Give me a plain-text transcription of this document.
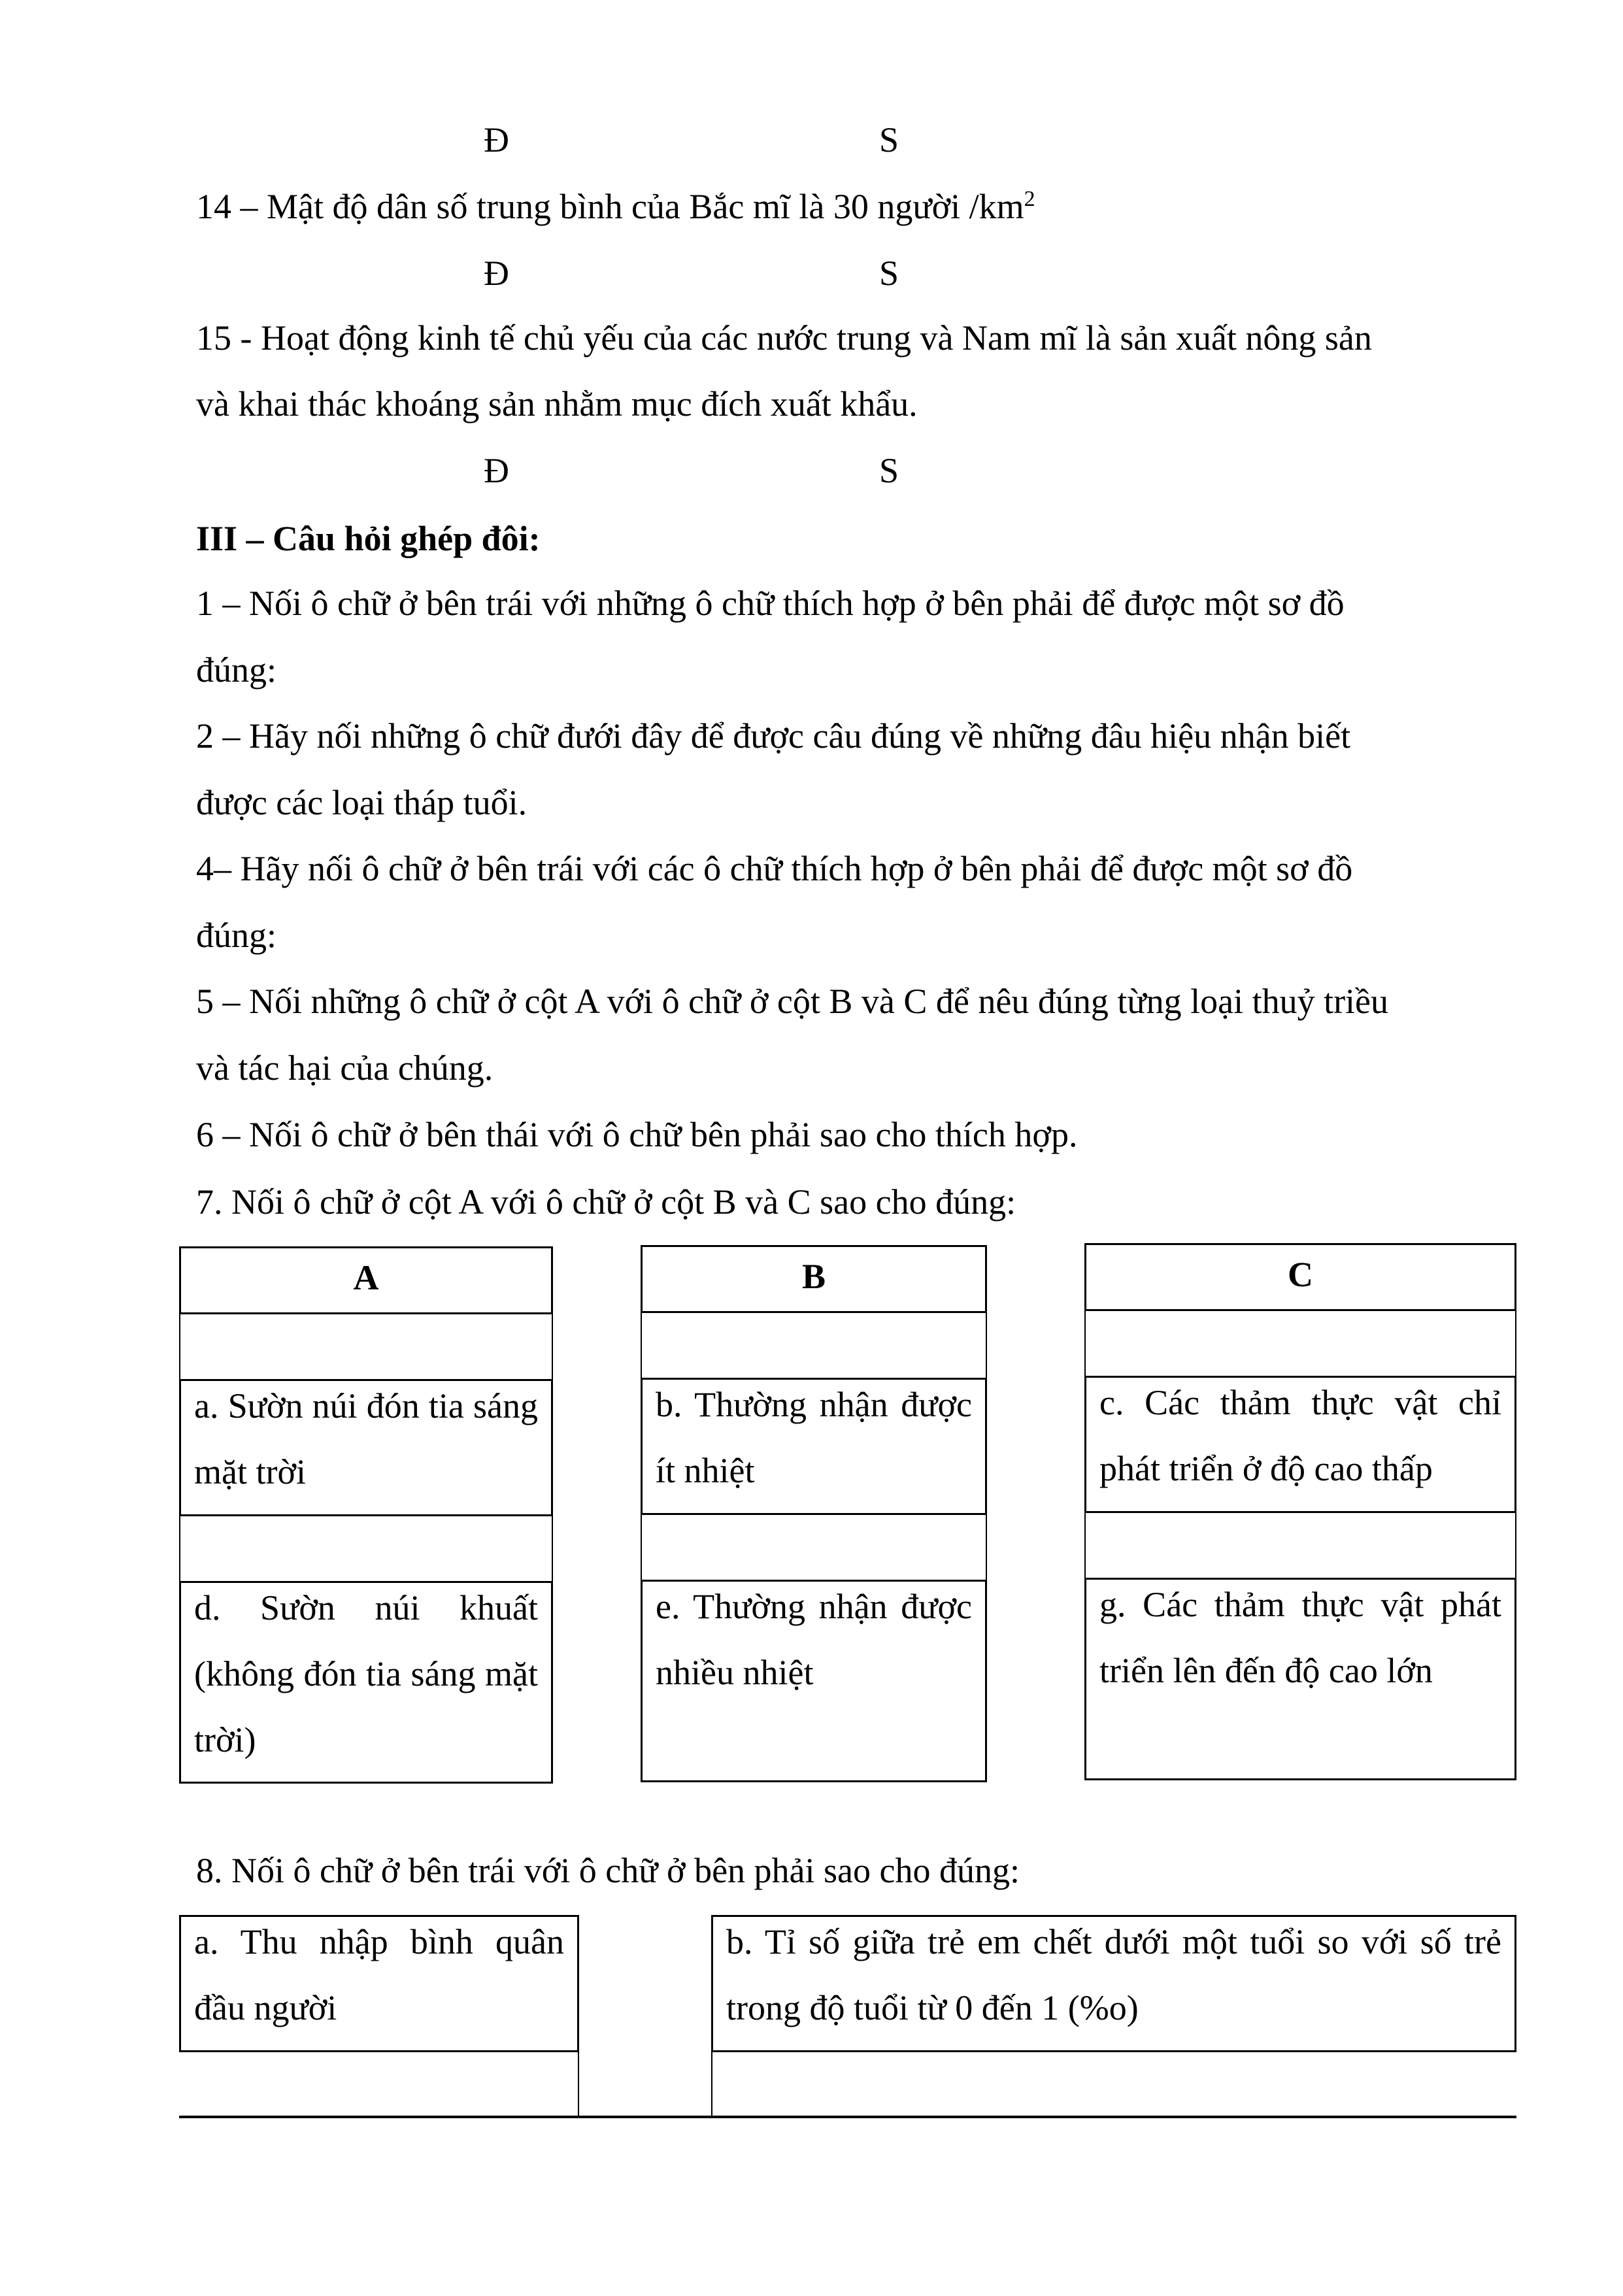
Đ	S
14 – Mật độ dân số trung bình của Bắc mĩ là 30 người $/km^2$
Đ	S
15 - Hoạt động kinh tế chủ yếu của các nước trung và Nam mĩ là sản xuất nông sản
và khai thác khoáng sản nhằm mục đích xuất khẩu.
Đ	S
III – Câu hỏi ghép đôi:
1 – Nối ô chữ ở bên trái với những ô chữ thích hợp ở bên phải để được một sơ đồ
đúng:
2 – Hãy nối những ô chữ đưới đây để được câu đúng về những đâu hiệu nhận biết
được các loại tháp tuổi.
4– Hãy nối ô chữ ở bên trái với các ô chữ thích hợp ở bên phải để được một sơ đồ
đúng:
5 – Nối những ô chữ ở cột A với ô chữ ở cột B và C để nêu đúng từng loại thuỷ triều
và tác hại của chúng.
6 – Nối ô chữ ở bên thái với ô chữ bên phải sao cho thích hợp.
7. Nối ô chữ ở cột A với ô chữ ở cột B và C sao cho đúng:
A
a. Sườn núi đón tia sáng mặt trời
d. Sườn núi khuất (không đón tia sáng mặt trời)
B
b. Thường nhận được ít nhiệt
e. Thường nhận được nhiều nhiệt
C
c. Các thảm thực vật chỉ phát triển ở độ cao thấp
g. Các thảm thực vật phát triển lên đến độ cao lớn
8. Nối ô chữ ở bên trái với ô chữ ở bên phải sao cho đúng:
a. Thu nhập bình quân đầu người
b. Tỉ số giữa trẻ em chết dưới một tuổi so với số trẻ trong độ tuổi từ 0 đến 1 (%o)
